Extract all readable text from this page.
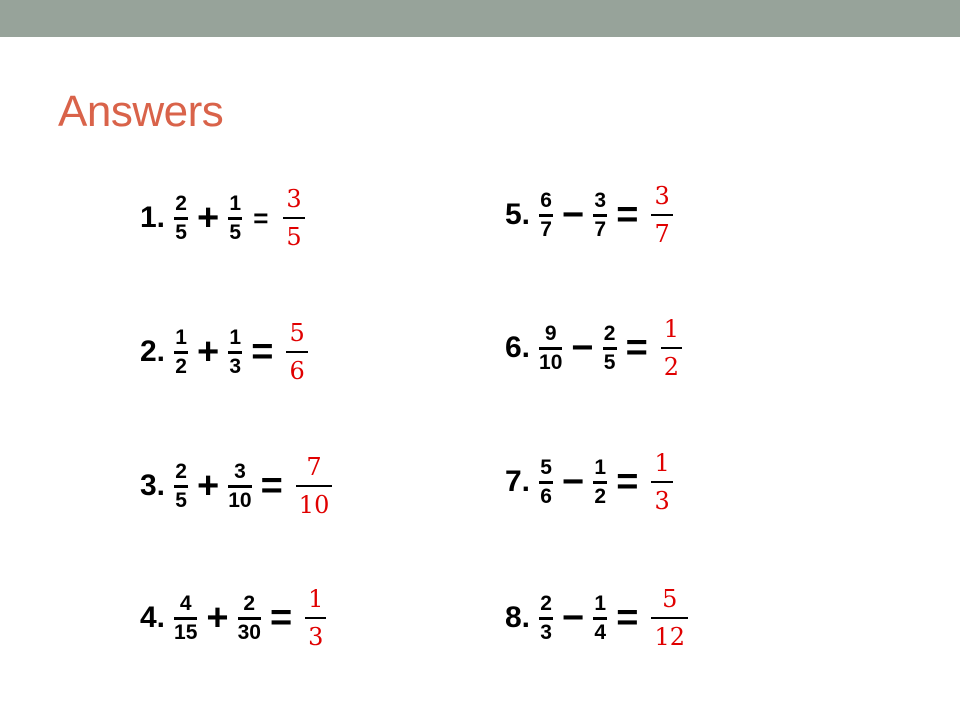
Answers
1. $\frac{2}{5} + \frac{1}{5}$ =
3
5
2. $\frac{1}{2} + \frac{1}{3} = 5$
6
3. $\frac{2}{5} + \frac{3}{10} = 7$
10
4. $\frac{4}{15} + \frac{2}{30} = 1$
3
5. $\frac{6}{7} - \frac{3}{7} = 3$
7
6. $\frac{9}{10} - \frac{2}{5} = 1$
2
7. $\frac{5}{6} - \frac{1}{2} = 1$
3
8. $\frac{2}{3} - \frac{1}{4} = 5$
12
